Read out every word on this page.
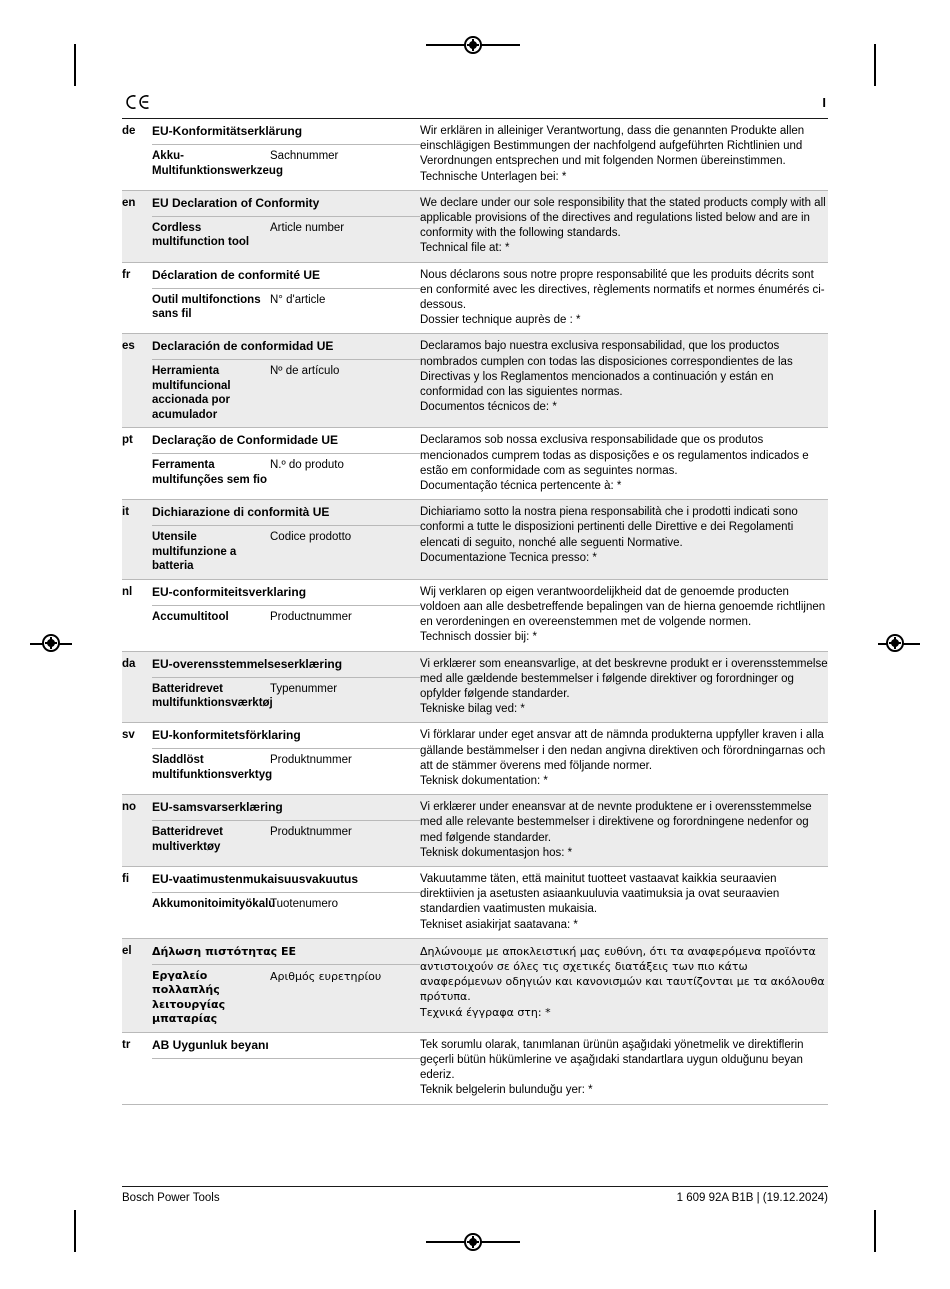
I
de	EU-Konformitätserklärung
Akku-Multifunktionswerkzeug
Sachnummer

Wir erklären in alleiniger Verantwortung, dass die genannten Produkte allen einschlägigen Bestimmungen der nachfolgend aufgeführten Richtlinien und Verordnungen entsprechen und mit folgenden Normen übereinstimmen.

Technische Unterlagen bei: *

en	EU Declaration of Conformity
Cordless multifunction tool
Article number

We declare under our sole responsibility that the stated products comply with all applicable provisions of the directives and regulations listed below and are in conformity with the following standards.

Technical file at: *

fr	Déclaration de conformité UE
Outil multifonctions sans fil
N° d'article

Nous déclarons sous notre propre responsabilité que les produits décrits sont en conformité avec les directives, règlements normatifs et normes énumérés ci-dessous.

Dossier technique auprès de : *

es	Declaración de conformidad UE
Herramienta multifuncional accionada por acumulador
Nº de artículo

Declaramos bajo nuestra exclusiva responsabilidad, que los productos nombrados cumplen con todas las disposiciones correspondientes de las Directivas y los Reglamentos mencionados a continuación y están en conformidad con las siguientes normas.

Documentos técnicos de: *

pt	Declaração de Conformidade UE
Ferramenta multifunções sem fio
N.º do produto

Declaramos sob nossa exclusiva responsabilidade que os produtos mencionados cumprem todas as disposições e os regulamentos indicados e estão em conformidade com as seguintes normas.

Documentação técnica pertencente à: *

it	Dichiarazione di conformità UE
Utensile multifunzione a batteria
Codice prodotto

Dichiariamo sotto la nostra piena responsabilità che i prodotti indicati sono conformi a tutte le disposizioni pertinenti delle Direttive e dei Regolamenti elencati di seguito, nonché alle seguenti Normative.

Documentazione Tecnica presso: *

nl	EU-conformiteitsverklaring
Accumultitool	Productnummer

Wij verklaren op eigen verantwoordelijkheid dat de genoemde producten voldoen aan alle desbetreffende bepalingen van de hierna genoemde richtlijnen en verordeningen en overeenstemmen met de volgende normen.

Technisch dossier bij: *

da	EU-overensstemmelseserklæring
Batteridrevet multifunktionsværktøj
Typenummer

Vi erklærer som eneansvarlige, at det beskrevne produkt er i overensstemmelse med alle gældende bestemmelser i følgende direktiver og forordninger og opfylder følgende standarder.

Tekniske bilag ved: *

sv	EU-konformitetsförklaring
Sladdlöst multifunktionsverktyg
Produktnummer

Vi förklarar under eget ansvar att de nämnda produkterna uppfyller kraven i alla gällande bestämmelser i den nedan angivna direktiven och förordningarnas och att de stämmer överens med följande normer.

Teknisk dokumentation: *

no	EU-samsvarserklæring
Batteridrevet multiverktøy
Produktnummer

Vi erklærer under eneansvar at de nevnte produktene er i overensstemmelse med alle relevante bestemmelser i direktivene og forordningene nedenfor og med følgende standarder.

Teknisk dokumentasjon hos: *

fi	EU-vaatimustenmukaisuusvakuutus
Akkumonitoimityökalu
Tuotenumero

Vakuutamme täten, että mainitut tuotteet vastaavat kaikkia seuraavien direktiivien ja asetusten asiaankuuluvia vaatimuksia ja ovat seuraavien standardien vaatimusten mukaisia.

Tekniset asiakirjat saatavana: *

el	Δήλωση πιστότητας ΕΕ
Εργαλείο πολλαπλής λειτουργίας μπαταρίας
Αριθμός ευρετηρίου

Δηλώνουμε με αποκλειστική μας ευθύνη, ότι τα αναφερόμενα προϊόντα αντιστοιχούν σε όλες τις σχετικές διατάξεις των πιο κάτω αναφερόμενων οδηγιών και κανονισμών και ταυτίζονται με τα ακόλουθα πρότυπα.

Τεχνικά έγγραφα στη: *

tr	AB Uygunluk beyanı	Tek sorumlu olarak, tanımlanan ürünün aşağıdaki yönetmelik ve direktiflerin geçerli bütün hükümlerine ve aşağıdaki standartlara uygun olduğunu beyan ederiz.

Teknik belgelerin bulunduğu yer: *

Bosch Power Tools	1 609 92A B1B | (19.12.2024)
